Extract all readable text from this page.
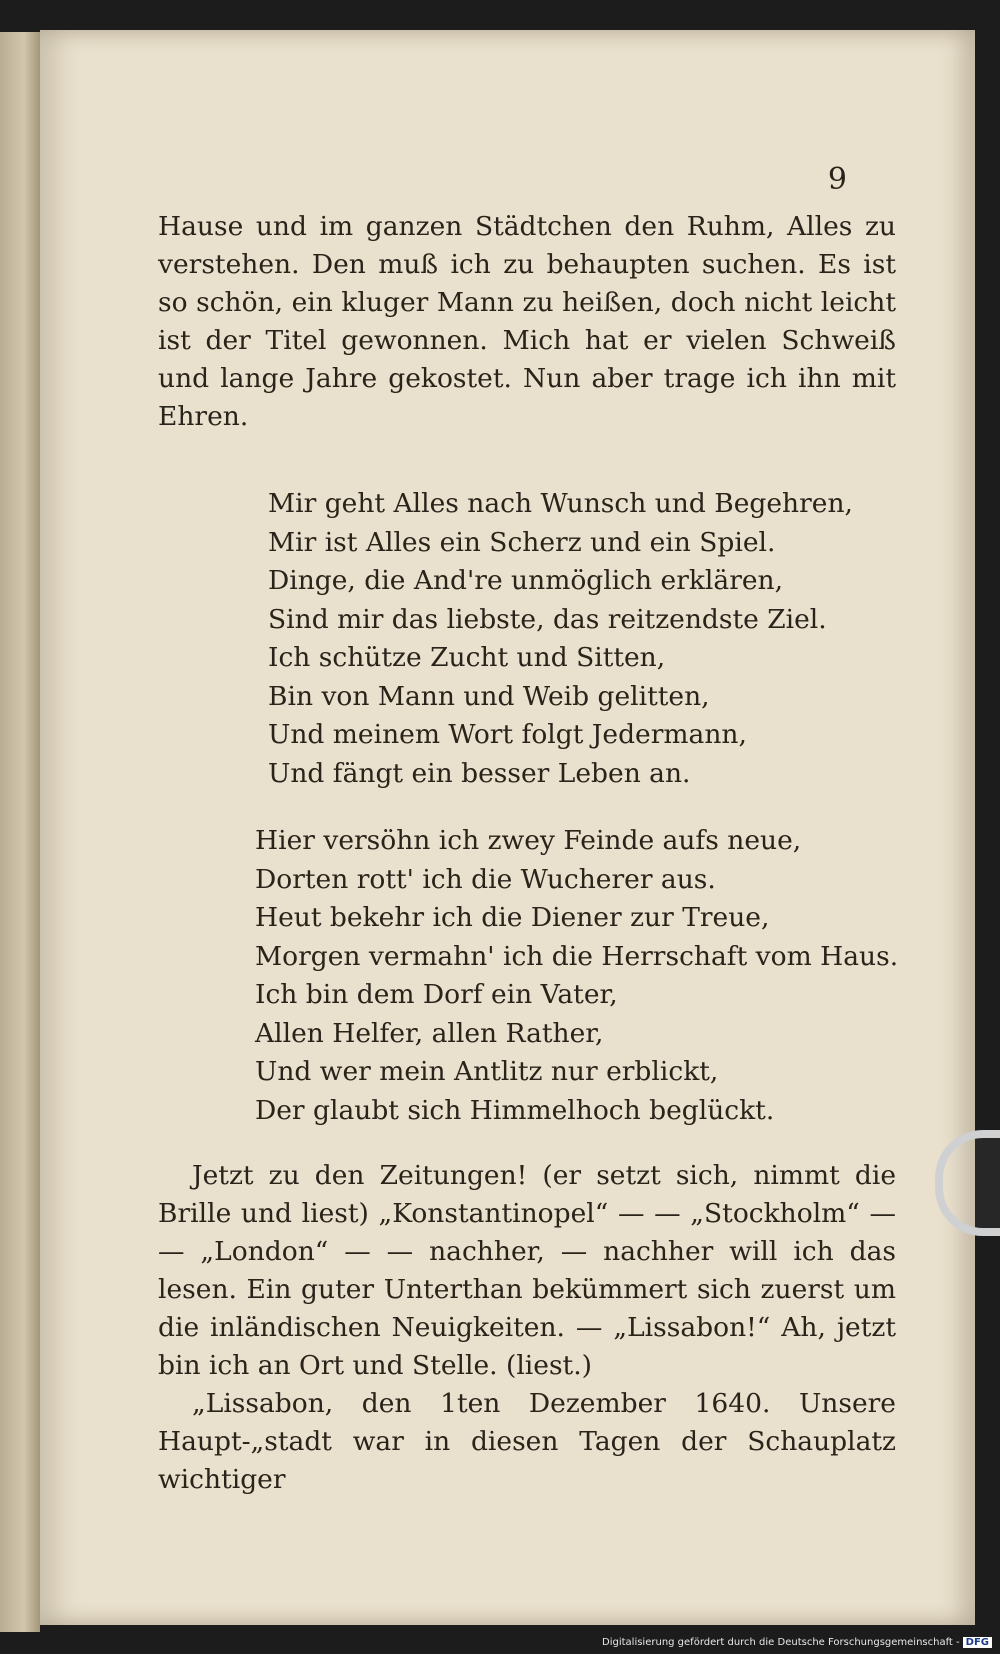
9

Hause und im ganzen Städtchen den Ruhm, Alles zu verstehen. Den muß ich zu behaupten suchen. Es ist so schön, ein kluger Mann zu heißen, doch nicht leicht ist der Titel gewonnen. Mich hat er vielen Schweiß und lange Jahre gekostet. Nun aber trage ich ihn mit Ehren.

Mir geht Alles nach Wunsch und Begehren,
Mir ist Alles ein Scherz und ein Spiel.
Dinge, die And're unmöglich erklären,
Sind mir das liebste, das reitzendste Ziel.
Ich schütze Zucht und Sitten,
Bin von Mann und Weib gelitten,
Und meinem Wort folgt Jedermann,
Und fängt ein besser Leben an.
Hier versöhn ich zwey Feinde aufs neue,
Dorten rott' ich die Wucherer aus.
Heut bekehr ich die Diener zur Treue,
Morgen vermahn' ich die Herrschaft vom Haus.
Ich bin dem Dorf ein Vater,
Allen Helfer, allen Rather,
Und wer mein Antlitz nur erblickt,
Der glaubt sich Himmelhoch beglückt.

Jetzt zu den Zeitungen! (er setzt sich, nimmt die Brille und liest) „Konstantinopel“ — — „Stockholm“ — — „London“ — — nachher, — nachher will ich das lesen. Ein guter Unterthan bekümmert sich zuerst um die inländischen Neuigkeiten. — „Lissabon!“ Ah, jetzt bin ich an Ort und Stelle. (liest.)

„Lissabon, den 1ten Dezember 1640. Unsere Haupt-„stadt war in diesen Tagen der Schauplatz wichtiger

Digitalisierung gefördert durch die Deutsche Forschungsgemeinschaft - DFG
